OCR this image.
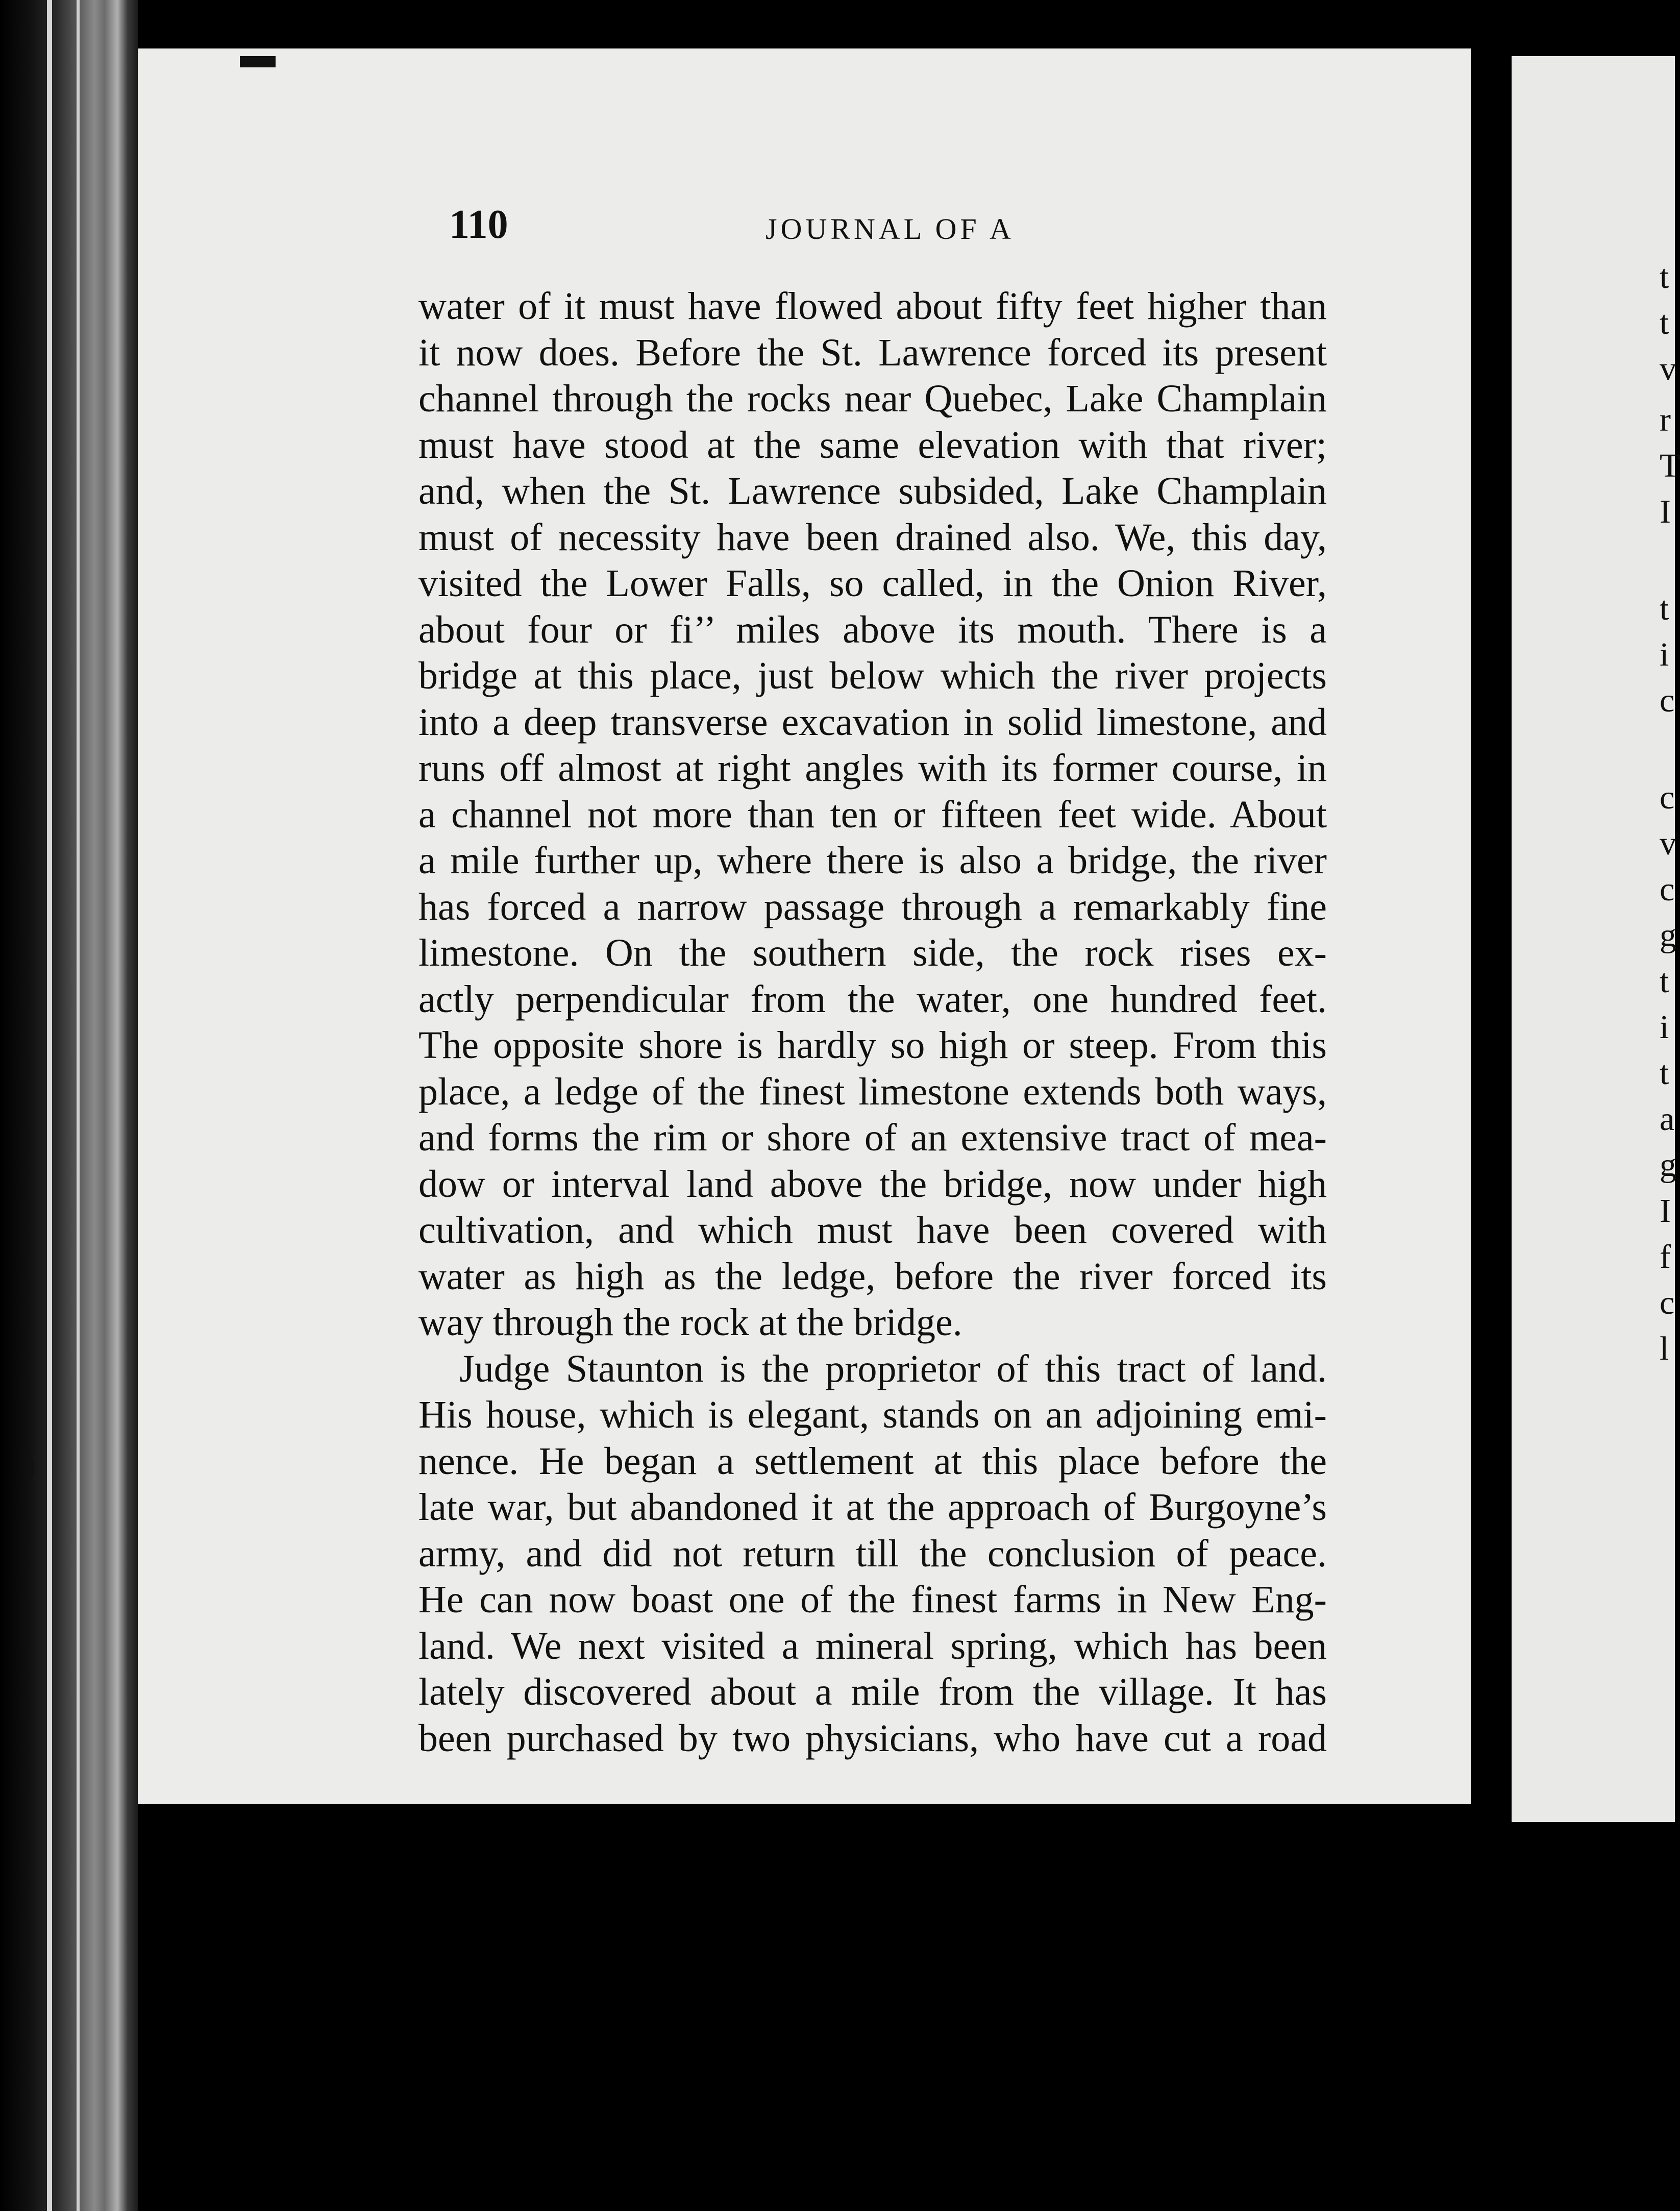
t
t
v
r
T
I
t
i
c
c
v
c
g
t
i
t
a
g
I
f
c
l
110	JOURNAL OF A
water of it must have flowed about fifty feet higher than
it now does. Before the St. Lawrence forced its present
channel through the rocks near Quebec, Lake Champlain
must have stood at the same elevation with that river;
and, when the St. Lawrence subsided, Lake Champlain
must of necessity have been drained also. We, this day,
visited the Lower Falls, so called, in the Onion River,
about four or fi’’ miles above its mouth. There is a
bridge at this place, just below which the river projects
into a deep transverse excavation in solid limestone, and
runs off almost at right angles with its former course, in
a channel not more than ten or fifteen feet wide. About
a mile further up, where there is also a bridge, the river
has forced a narrow passage through a remarkably fine
limestone. On the southern side, the rock rises ex-
actly perpendicular from the water, one hundred feet.
The opposite shore is hardly so high or steep. From this
place, a ledge of the finest limestone extends both ways,
and forms the rim or shore of an extensive tract of mea-
dow or interval land above the bridge, now under high
cultivation, and which must have been covered with
water as high as the ledge, before the river forced its
way through the rock at the bridge.
Judge Staunton is the proprietor of this tract of land.
His house, which is elegant, stands on an adjoining emi-
nence. He began a settlement at this place before the
late war, but abandoned it at the approach of Burgoyne’s
army, and did not return till the conclusion of peace.
He can now boast one of the finest farms in New Eng-
land. We next visited a mineral spring, which has been
lately discovered about a mile from the village. It has
been purchased by two physicians, who have cut a road
